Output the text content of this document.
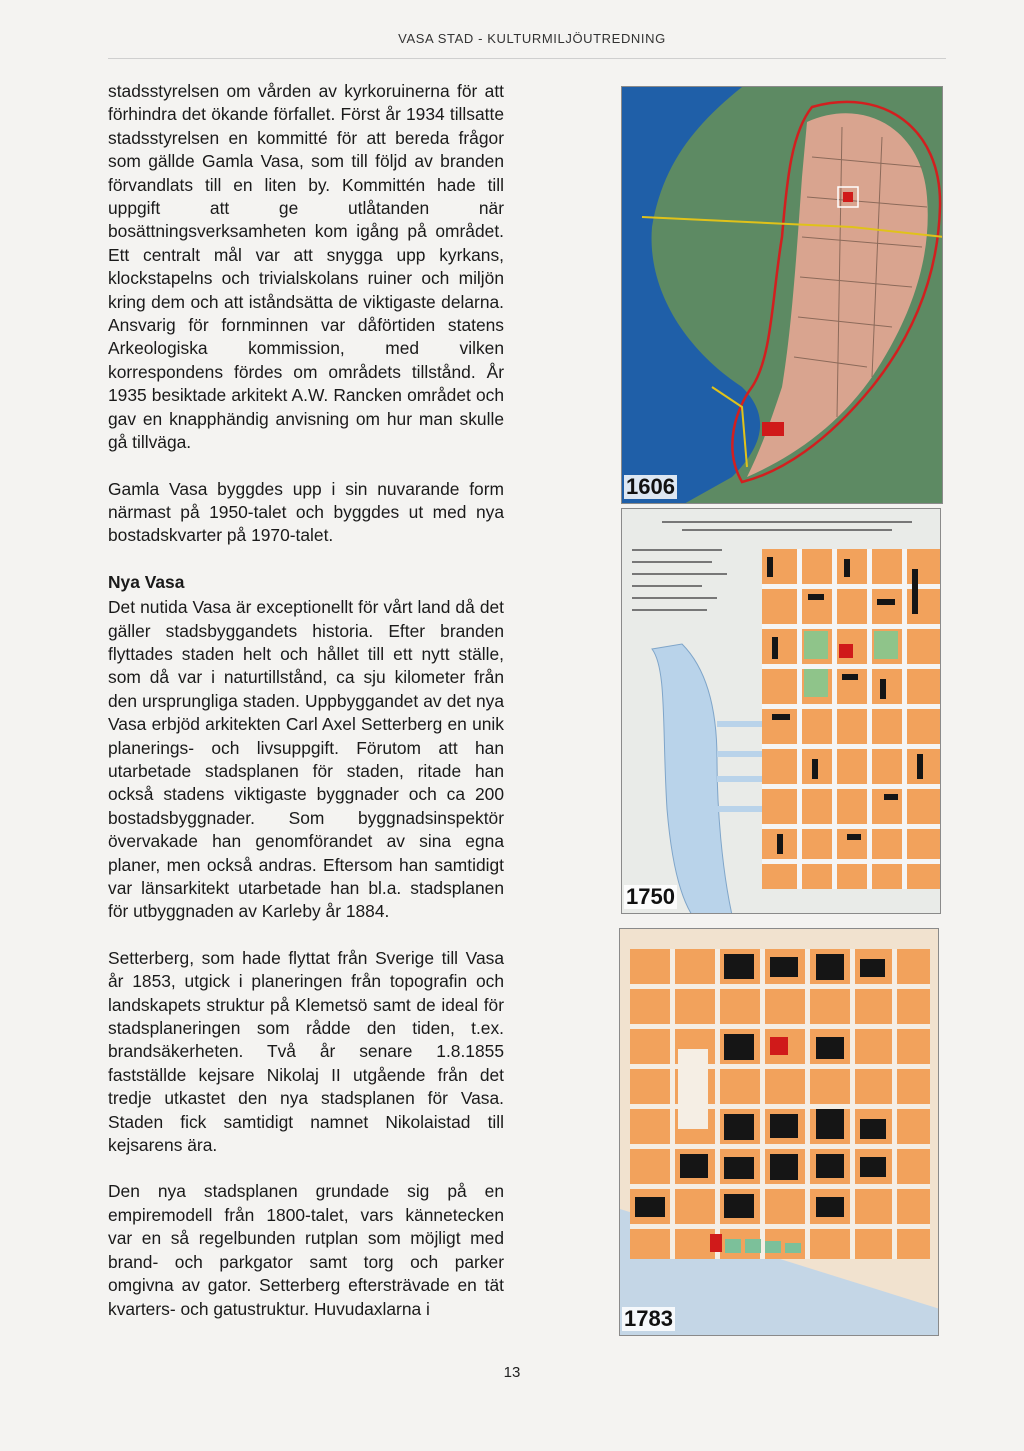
VASA STAD - KULTURMILJÖUTREDNING

stadsstyrelsen om vården av kyrkoruinerna för att förhindra det ökande förfallet. Först år 1934 tillsatte stadsstyrelsen en kommitté för att bereda frågor som gällde Gamla Vasa, som till följd av branden förvandlats till en liten by. Kommittén hade till uppgift att ge utlåtanden när bosättningsverksamheten kom igång på området. Ett centralt mål var att snygga upp kyrkans, klockstapelns och trivialskolans ruiner och miljön kring dem och att iståndsätta de viktigaste delarna. Ansvarig för fornminnen var dåförtiden statens Arkeologiska kommission, med vilken korrespondens fördes om områdets tillstånd. År 1935 besiktade arkitekt A.W. Rancken området och gav en knapphändig anvisning om hur man skulle gå tillväga.

Gamla Vasa byggdes upp i sin nuvarande form närmast på 1950-talet och byggdes ut med nya bostadskvarter på 1970-talet.

Nya Vasa

Det nutida Vasa är exceptionellt för vårt land då det gäller stadsbyggandets historia. Efter branden flyttades staden helt och hållet till ett nytt ställe, som då var i naturtillstånd, ca sju kilometer från den ursprungliga staden. Uppbyggandet av det nya Vasa erbjöd arkitekten Carl Axel Setterberg en unik planerings- och livsuppgift. Förutom att han utarbetade stadsplanen för staden, ritade han också stadens viktigaste byggnader och ca 200 bostadsbyggnader. Som byggnadsinspektör övervakade han genomförandet av sina egna planer, men också andras. Eftersom han samtidigt var länsarkitekt utarbetade han bl.a. stadsplanen för utbyggnaden av Karleby år 1884.

Setterberg, som hade flyttat från Sverige till Vasa år 1853, utgick i planeringen från topografin och landskapets struktur på Klemetsö samt de ideal för stadsplaneringen som rådde den tiden, t.ex. brandsäkerheten. Två år senare 1.8.1855 fastställde kejsare Nikolaj II utgående från det tredje utkastet den nya stadsplanen för Vasa. Staden fick samtidigt namnet Nikolaistad till kejsarens ära.

Den nya stadsplanen grundade sig på en empiremodell från 1800-talet, vars kännetecken var en så regelbunden rutplan som möjligt med brand- och parkgator samt torg och parker omgivna av gator. Setterberg eftersträvade en tät kvarters- och gatustruktur. Huvudaxlarna i

1606
1750
1783
13
